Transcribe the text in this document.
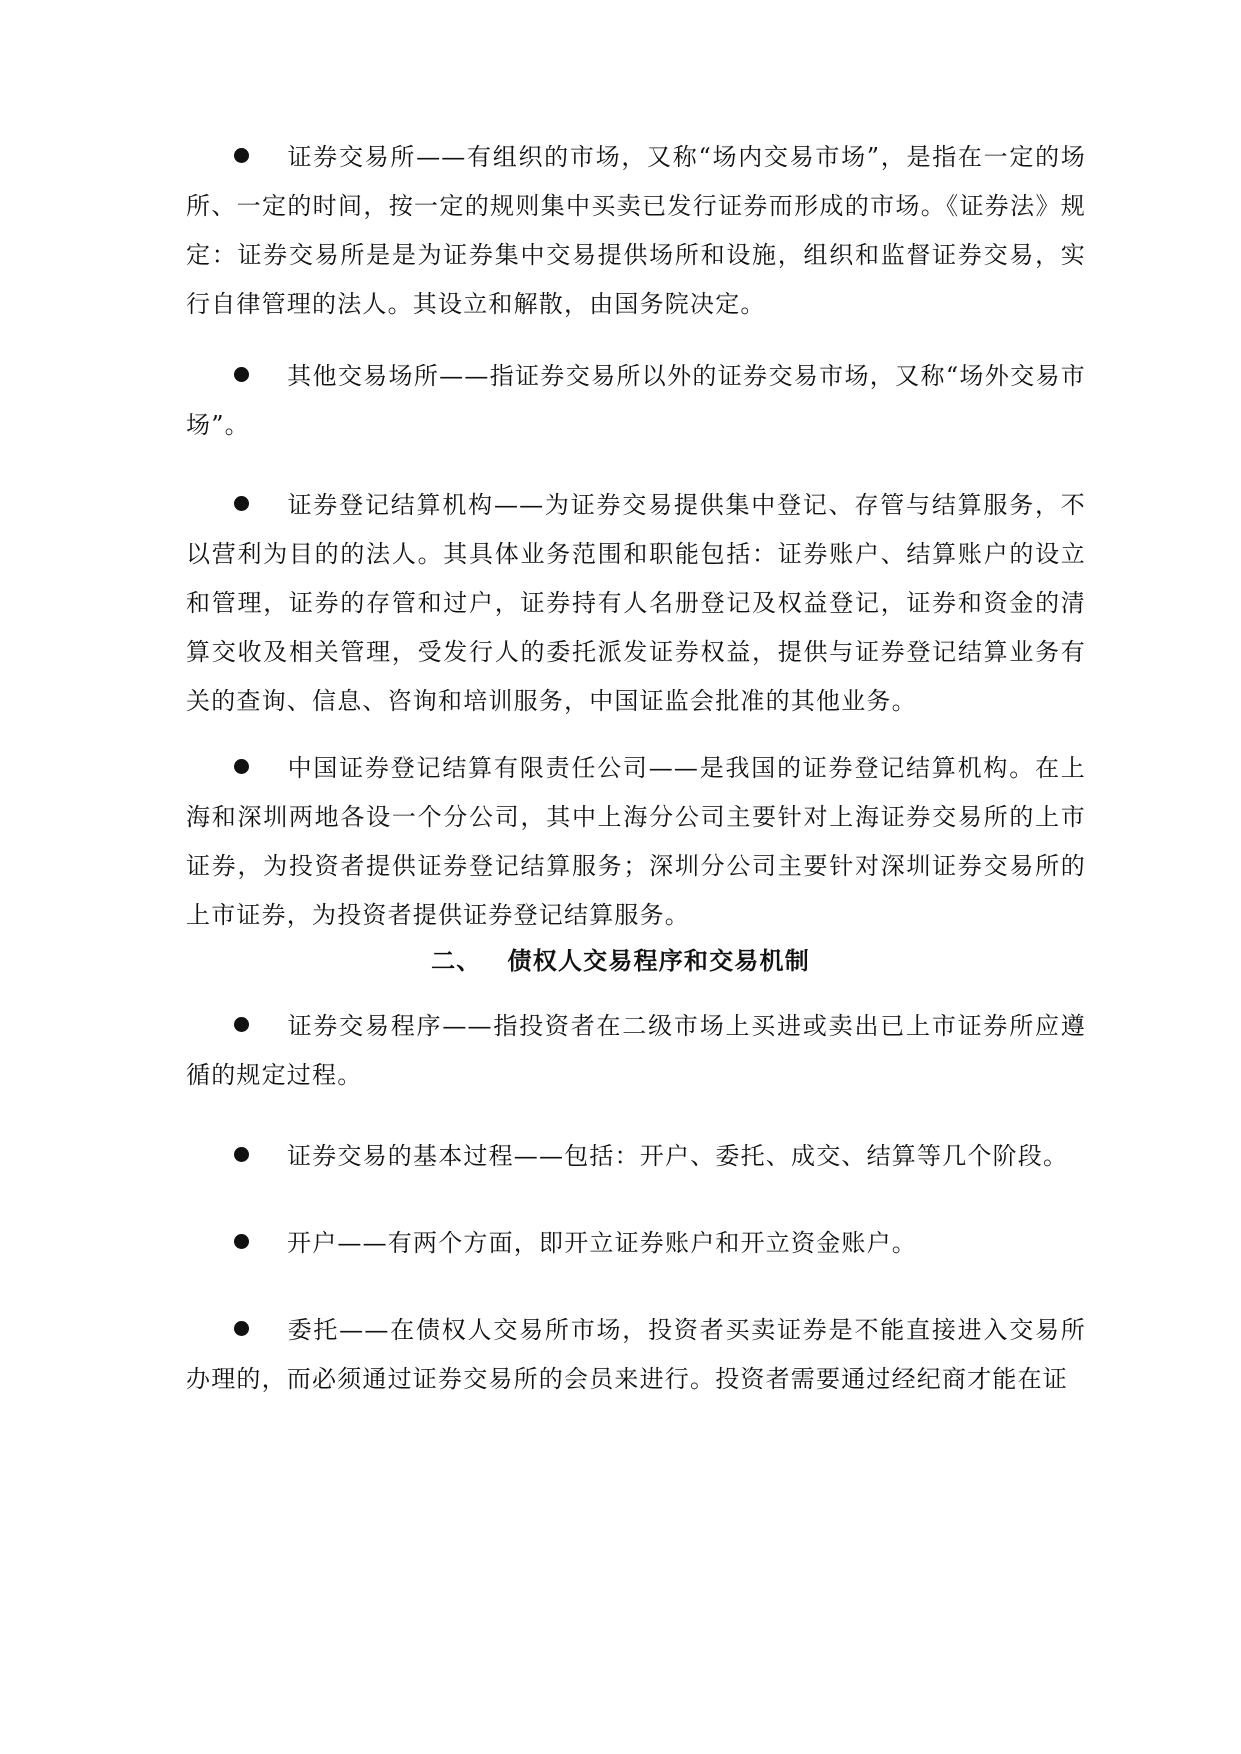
证券交易所——有组织的市场，又称“场内交易市场”，是指在一定的场所、一定的时间，按一定的规则集中买卖已发行证券而形成的市场。《证券法》规定：证券交易所是是为证券集中交易提供场所和设施，组织和监督证券交易，实行自律管理的法人。其设立和解散，由国务院决定。

其他交易场所——指证券交易所以外的证券交易市场，又称“场外交易市场”。

证券登记结算机构——为证券交易提供集中登记、存管与结算服务，不以营利为目的的法人。其具体业务范围和职能包括：证券账户、结算账户的设立和管理，证券的存管和过户，证券持有人名册登记及权益登记，证券和资金的清算交收及相关管理，受发行人的委托派发证券权益，提供与证券登记结算业务有关的查询、信息、咨询和培训服务，中国证监会批准的其他业务。

中国证券登记结算有限责任公司——是我国的证券登记结算机构。在上海和深圳两地各设一个分公司，其中上海分公司主要针对上海证券交易所的上市证券，为投资者提供证券登记结算服务；深圳分公司主要针对深圳证券交易所的上市证券，为投资者提供证券登记结算服务。

二、 债权人交易程序和交易机制

证券交易程序——指投资者在二级市场上买进或卖出已上市证券所应遵循的规定过程。

证券交易的基本过程——包括：开户、委托、成交、结算等几个阶段。

开户——有两个方面，即开立证券账户和开立资金账户。

委托——在债权人交易所市场，投资者买卖证券是不能直接进入交易所办理的，而必须通过证券交易所的会员来进行。投资者需要通过经纪商才能在证
